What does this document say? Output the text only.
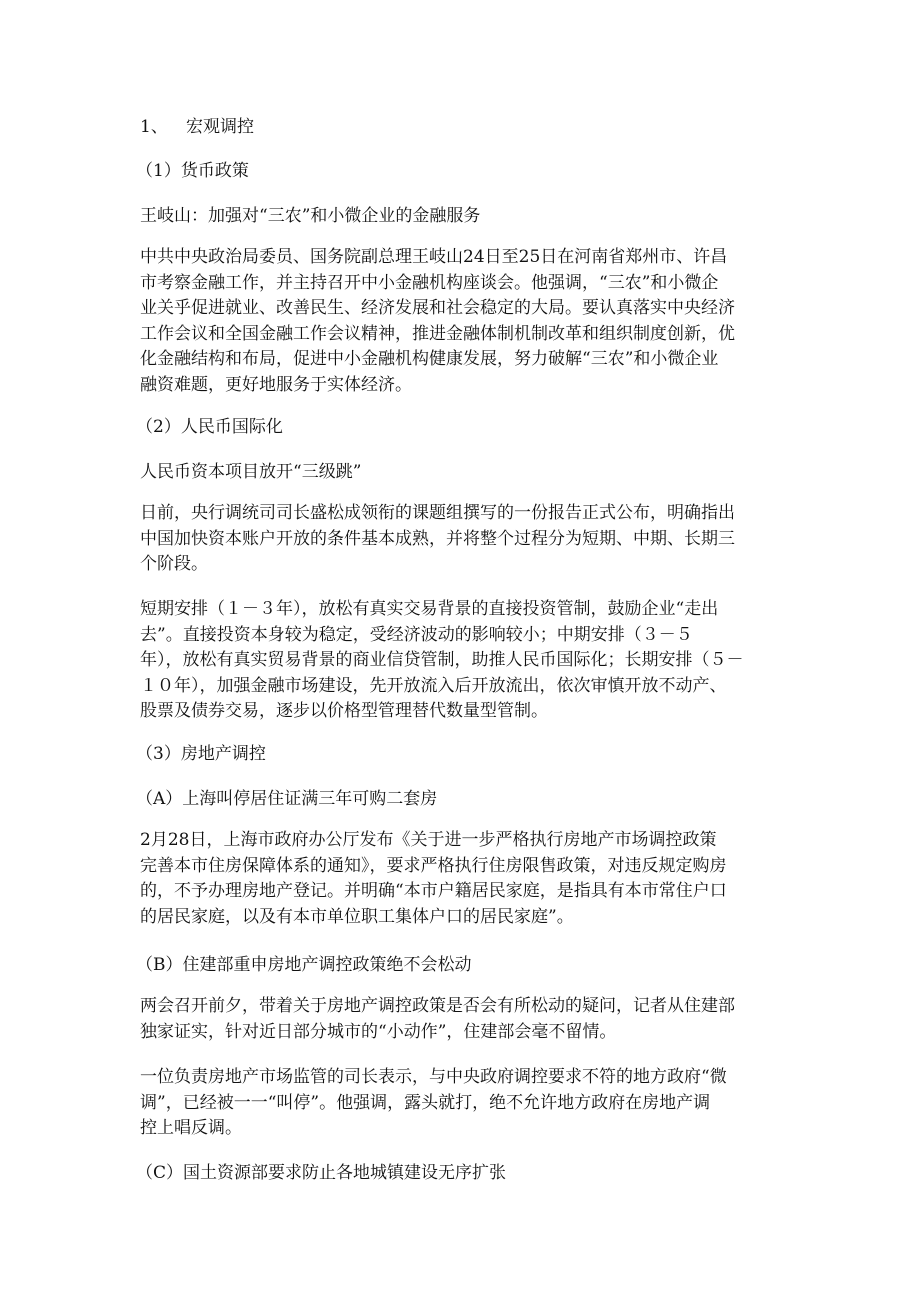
1、 宏观调控
（1）货币政策
王岐山：加强对“三农”和小微企业的金融服务
中共中央政治局委员、国务院副总理王岐山24日至25日在河南省郑州市、许昌
市考察金融工作，并主持召开中小金融机构座谈会。他强调，“三农”和小微企
业关乎促进就业、改善民生、经济发展和社会稳定的大局。要认真落实中央经济
工作会议和全国金融工作会议精神，推进金融体制机制改革和组织制度创新，优
化金融结构和布局，促进中小金融机构健康发展，努力破解“三农”和小微企业
融资难题，更好地服务于实体经济。
（2）人民币国际化
人民币资本项目放开“三级跳”
日前，央行调统司司长盛松成领衔的课题组撰写的一份报告正式公布，明确指出
中国加快资本账户开放的条件基本成熟，并将整个过程分为短期、中期、长期三
个阶段。
短期安排（１－３年），放松有真实交易背景的直接投资管制，鼓励企业“走出
去”。直接投资本身较为稳定，受经济波动的影响较小；中期安排（３－５
年），放松有真实贸易背景的商业信贷管制，助推人民币国际化；长期安排（５－
１０年），加强金融市场建设，先开放流入后开放流出，依次审慎开放不动产、
股票及债券交易，逐步以价格型管理替代数量型管制。
（3）房地产调控
（A）上海叫停居住证满三年可购二套房
2月28日，上海市政府办公厅发布《关于进一步严格执行房地产市场调控政策
完善本市住房保障体系的通知》，要求严格执行住房限售政策，对违反规定购房
的，不予办理房地产登记。并明确“本市户籍居民家庭，是指具有本市常住户口
的居民家庭，以及有本市单位职工集体户口的居民家庭”。
（B）住建部重申房地产调控政策绝不会松动
两会召开前夕，带着关于房地产调控政策是否会有所松动的疑问，记者从住建部
独家证实，针对近日部分城市的“小动作”，住建部会毫不留情。
一位负责房地产市场监管的司长表示，与中央政府调控要求不符的地方政府“微
调”，已经被一一“叫停”。他强调，露头就打，绝不允许地方政府在房地产调
控上唱反调。
（C）国土资源部要求防止各地城镇建设无序扩张
